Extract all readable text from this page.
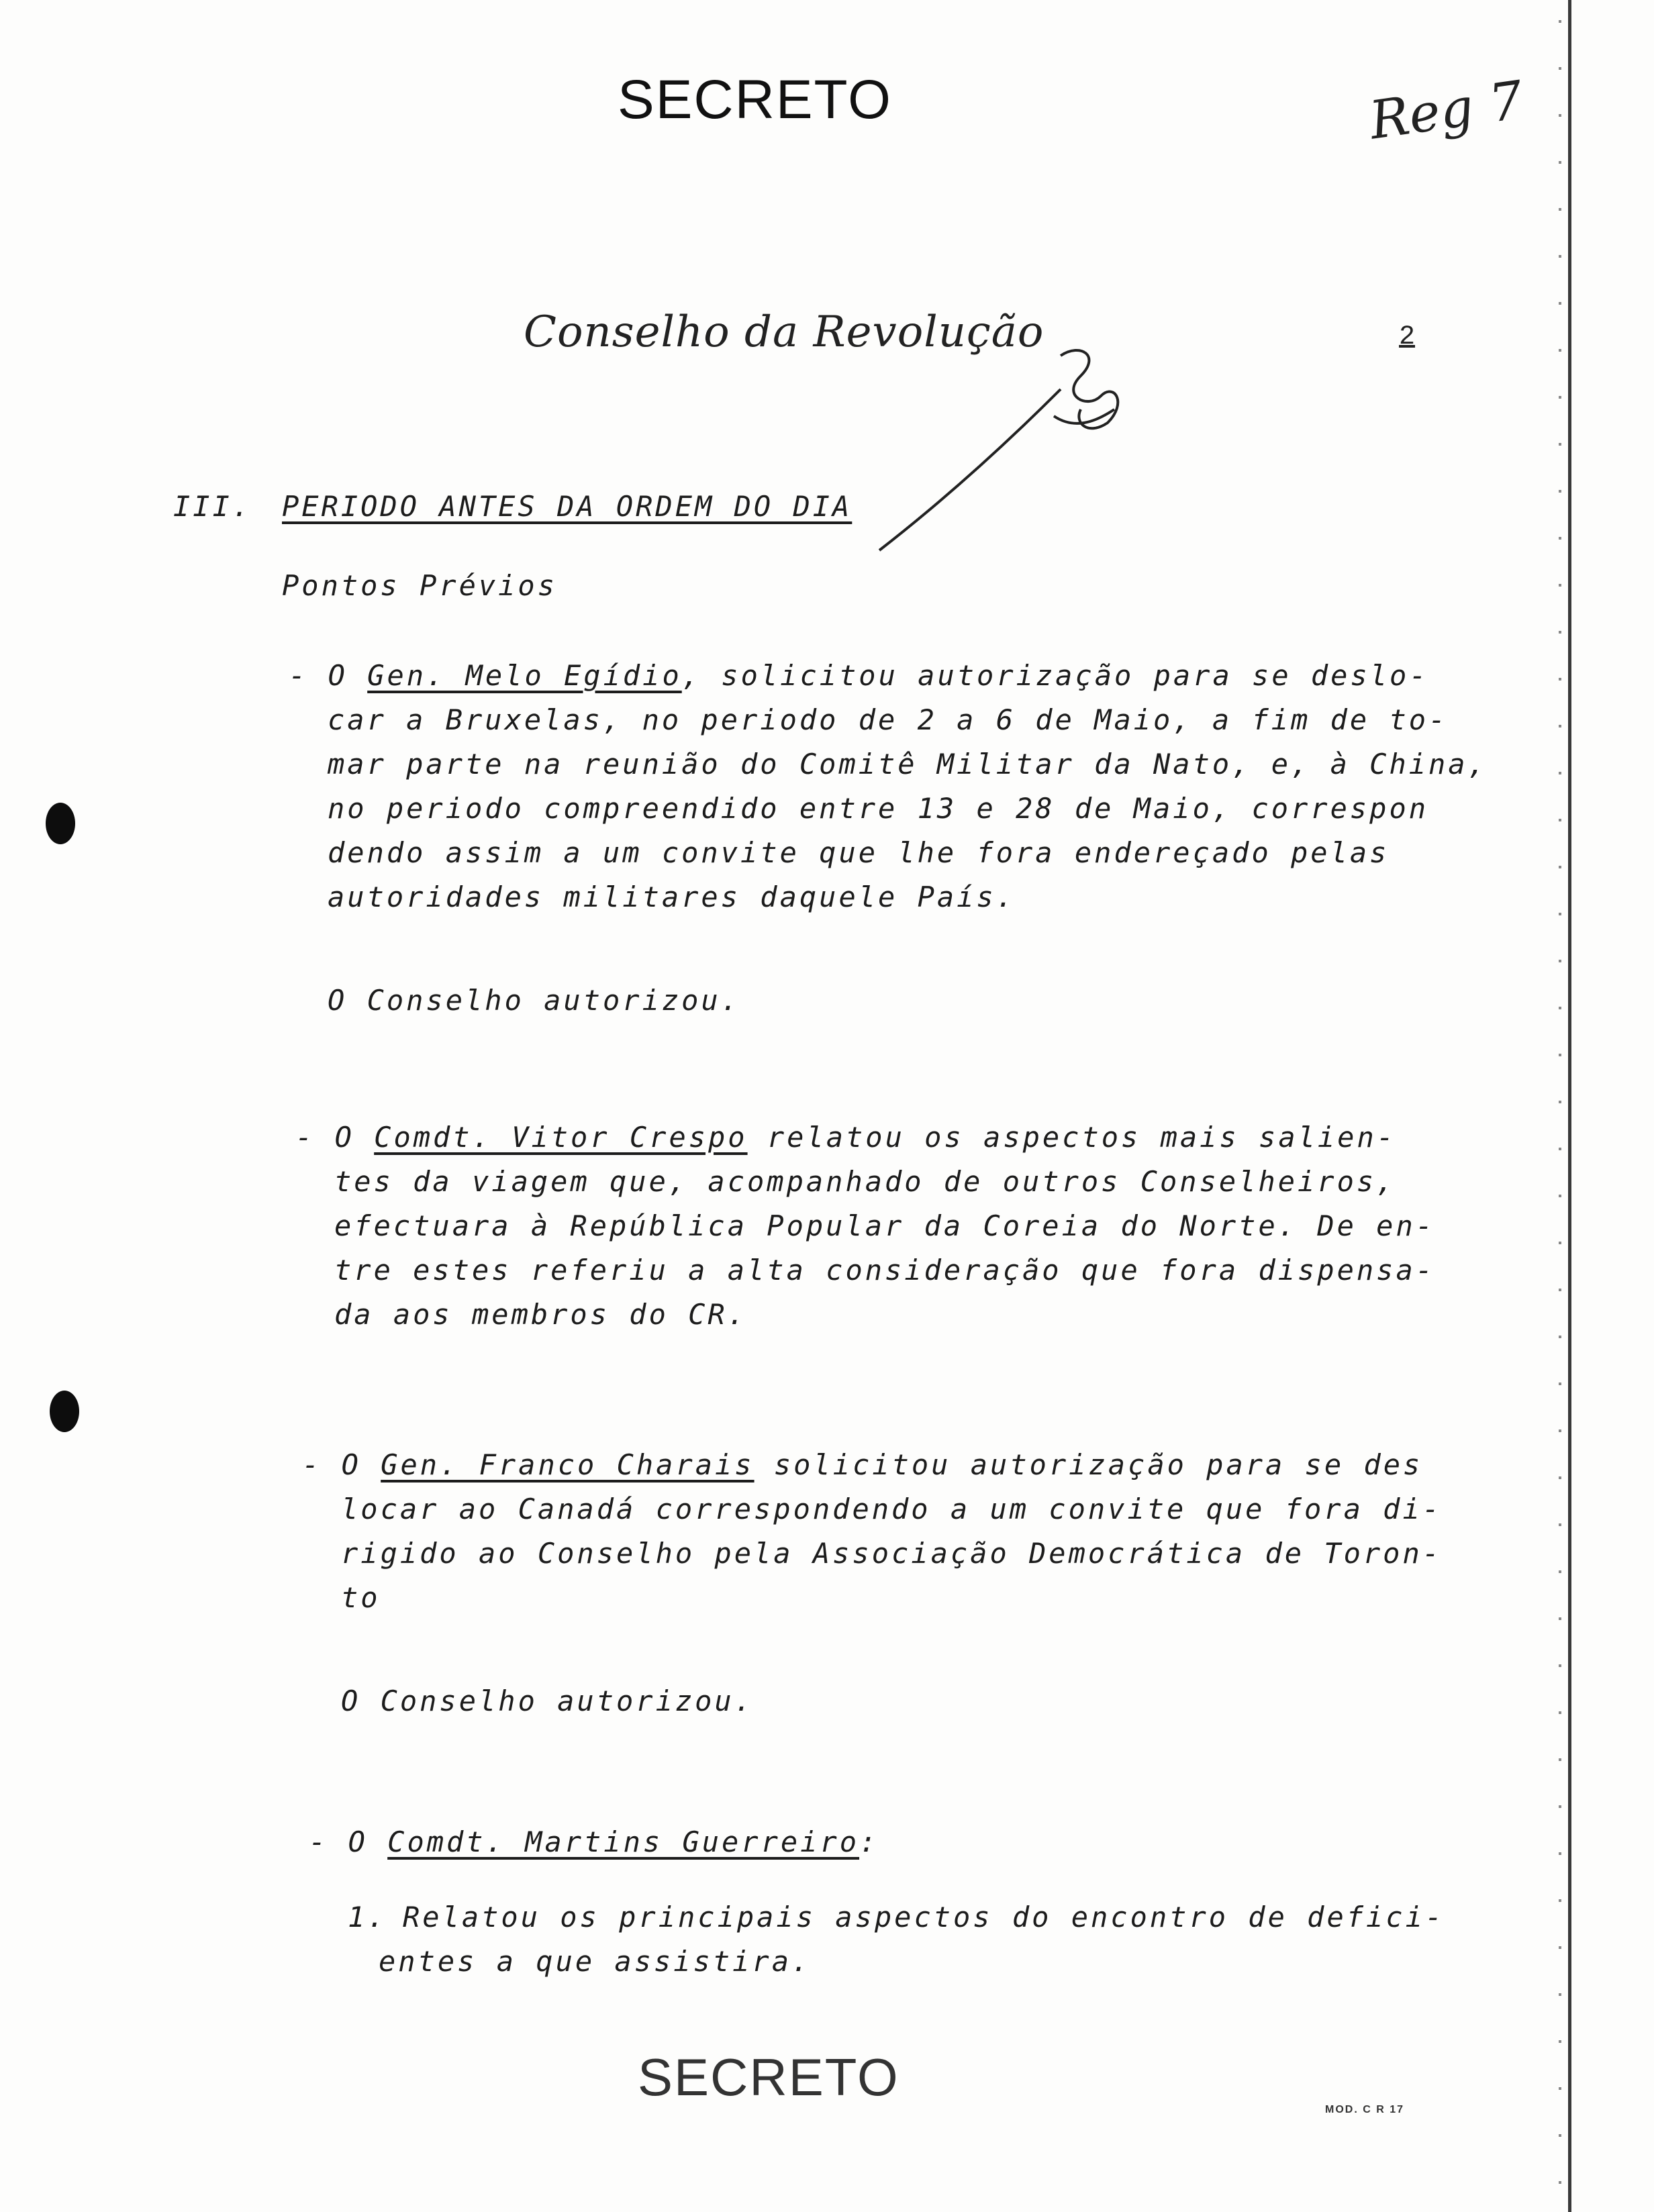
SECRETO	Reg 7
Conselho da Revolução	2
III. PERIODO ANTES DA ORDEM DO DIA
Pontos Prévios
- O Gen. Melo Egídio, solicitou autorização para se deslo-
car a Bruxelas, no periodo de 2 a 6 de Maio, a fim de to-
mar parte na reunião do Comitê Militar da Nato, e, à China,
no periodo compreendido entre 13 e 28 de Maio, correspon
dendo assim a um convite que lhe fora endereçado pelas
autoridades militares daquele País.
O Conselho autorizou.
- O Comdt. Vitor Crespo relatou os aspectos mais salien-
tes da viagem que, acompanhado de outros Conselheiros,
efectuara à República Popular da Coreia do Norte. De en-
tre estes referiu a alta consideração que fora dispensa-
da aos membros do CR.
- O Gen. Franco Charais solicitou autorização para se des
locar ao Canadá correspondendo a um convite que fora di-
rigido ao Conselho pela Associação Democrática de Toron-
to
O Conselho autorizou.
- O Comdt. Martins Guerreiro:
1. Relatou os principais aspectos do encontro de defici-
entes a que assistira.
SECRETO
MOD. C R 17
